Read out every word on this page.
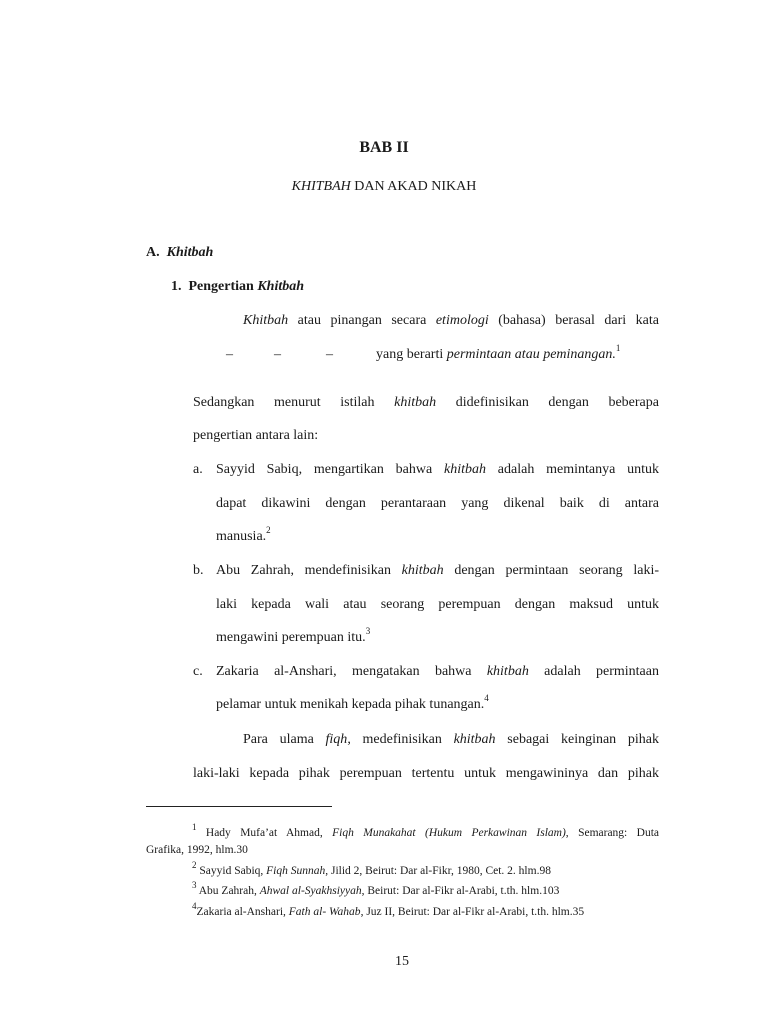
BAB II
KHITBAH DAN AKAD NIKAH
A. Khitbah
1. Pengertian Khitbah
Khitbah atau pinangan secara etimologi (bahasa) berasal dari kata
–	–	–	yang berarti permintaan atau peminangan.$^1$
Sedangkan menurut istilah khitbah didefinisikan dengan beberapa
pengertian antara lain:
a. Sayyid Sabiq, mengartikan bahwa khitbah adalah memintanya untuk
dapat dikawini dengan perantaraan yang dikenal baik di antara
manusia.$^2$
b. Abu Zahrah, mendefinisikan khitbah dengan permintaan seorang laki-
laki kepada wali atau seorang perempuan dengan maksud untuk
mengawini perempuan itu.$^3$
c. Zakaria al-Anshari, mengatakan bahwa khitbah adalah permintaan
pelamar untuk menikah kepada pihak tunangan.$^4$
Para ulama fiqh, medefinisikan khitbah sebagai keinginan pihak
laki-laki kepada pihak perempuan tertentu untuk mengawininya dan pihak
$^1$ Hady Mufa’at Ahmad, Fiqh Munakahat (Hukum Perkawinan Islam), Semarang: Duta
Grafika, 1992, hlm.30
$^2$ Sayyid Sabiq, Fiqh Sunnah, Jilid 2, Beirut: Dar al-Fikr, 1980, Cet. 2. hlm.98
$^3$ Abu Zahrah, Ahwal al-Syakhsiyyah, Beirut: Dar al-Fikr al-Arabi, t.th. hlm.103
$^4$Zakaria al-Anshari, Fath al- Wahab, Juz II, Beirut: Dar al-Fikr al-Arabi, t.th. hlm.35
15
